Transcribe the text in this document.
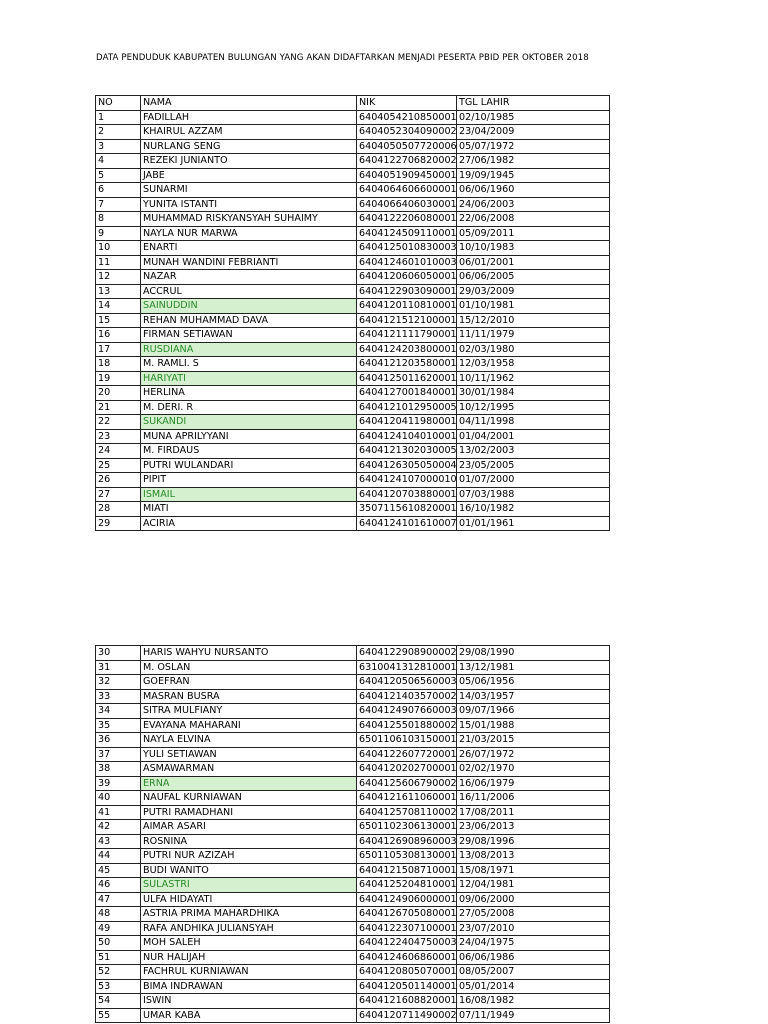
DATA PENDUDUK KABUPATEN BULUNGAN YANG AKAN DIDAFTARKAN MENJADI PESERTA PBID PER OKTOBER 2018
NO	NAMA	NIK	TGL LAHIR
1	FADILLAH	6404054210850001	02/10/1985
2	KHAIRUL AZZAM	6404052304090002	23/04/2009
3	NURLANG SENG	6404050507720006	05/07/1972
4	REZEKI JUNIANTO	6404122706820002	27/06/1982
5	JABE	6404051909450001	19/09/1945
6	SUNARMI	6404064606600001	06/06/1960
7	YUNITA ISTANTI	6404066406030001	24/06/2003
8	MUHAMMAD RISKYANSYAH SUHAIMY	6404122206080001	22/06/2008
9	NAYLA NUR MARWA	6404124509110001	05/09/2011
10	ENARTI	6404125010830003	10/10/1983
11	MUNAH WANDINI FEBRIANTI	6404124601010003	06/01/2001
12	NAZAR	6404120606050001	06/06/2005
13	ACCRUL	6404122903090001	29/03/2009
14	SAINUDDIN	6404120110810001	01/10/1981
15	REHAN MUHAMMAD DAVA	6404121512100001	15/12/2010
16	FIRMAN SETIAWAN	6404121111790001	11/11/1979
17	RUSDIANA	6404124203800001	02/03/1980
18	M. RAMLI. S	6404121203580001	12/03/1958
19	HARIYATI	6404125011620001	10/11/1962
20	HERLINA	6404127001840001	30/01/1984
21	M. DERI. R	6404121012950005	10/12/1995
22	SUKANDI	6404120411980001	04/11/1998
23	MUNA APRILYYANI	6404124104010001	01/04/2001
24	M. FIRDAUS	6404121302030005	13/02/2003
25	PUTRI WULANDARI	6404126305050004	23/05/2005
26	PIPIT	6404124107000010	01/07/2000
27	ISMAIL	6404120703880001	07/03/1988
28	MIATI	3507115610820001	16/10/1982
29	ACIRIA	6404124101610007	01/01/1961
30	HARIS WAHYU NURSANTO	6404122908900002	29/08/1990
31	M. OSLAN	6310041312810001	13/12/1981
32	GOEFRAN	6404120506560003	05/06/1956
33	MASRAN BUSRA	6404121403570002	14/03/1957
34	SITRA MULFIANY	6404124907660003	09/07/1966
35	EVAYANA MAHARANI	6404125501880002	15/01/1988
36	NAYLA ELVINA	6501106103150001	21/03/2015
37	YULI SETIAWAN	6404122607720001	26/07/1972
38	ASMAWARMAN	6404120202700001	02/02/1970
39	ERNA	6404125606790002	16/06/1979
40	NAUFAL KURNIAWAN	6404121611060001	16/11/2006
41	PUTRI RAMADHANI	6404125708110002	17/08/2011
42	AIMAR ASARI	6501102306130001	23/06/2013
43	ROSNINA	6404126908960003	29/08/1996
44	PUTRI NUR AZIZAH	6501105308130001	13/08/2013
45	BUDI WANITO	6404121508710001	15/08/1971
46	SULASTRI	6404125204810001	12/04/1981
47	ULFA HIDAYATI	6404124906000001	09/06/2000
48	ASTRIA PRIMA MAHARDHIKA	6404126705080001	27/05/2008
49	RAFA ANDHIKA JULIANSYAH	6404122307100001	23/07/2010
50	MOH SALEH	6404122404750003	24/04/1975
51	NUR HALIJAH	6404124606860001	06/06/1986
52	FACHRUL KURNIAWAN	6404120805070001	08/05/2007
53	BIMA INDRAWAN	6404120501140001	05/01/2014
54	ISWIN	6404121608820001	16/08/1982
55	UMAR KABA	6404120711490002	07/11/1949
